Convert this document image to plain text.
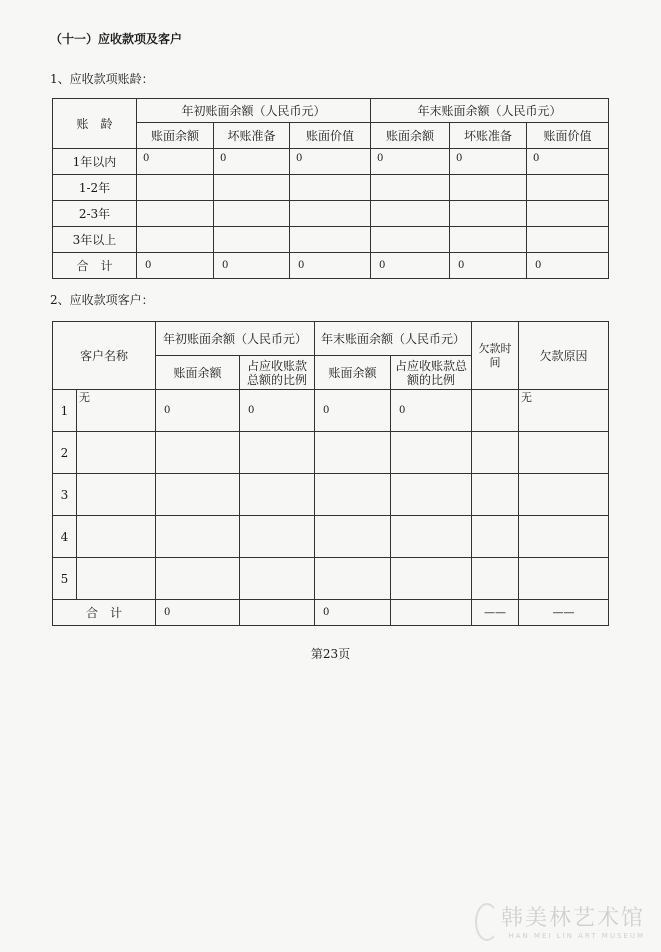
（十一）应收款项及客户
1、应收款项账龄：
账　龄	年初账面余额（人民币元）			年末账面余额（人民币元）		
	账面余额	坏账准备	账面价值	账面余额	坏账准备	账面价值
1年以内	0	0	0	0	0	0
1-2年						
2-3年						
3年以上						
合　计	0	0	0	0	0	0
2、应收款项客户：
客户名称		年初账面余额（人民币元）		年末账面余额（人民币元）		欠款时间	欠款原因
		账面余额	占应收账款总额的比例	账面余额	占应收账款总额的比例		
1	无	0	0	0	0		无
2							
3							
4							
5							
合　计		0		0		——	——
第23页
韩美林艺术馆
HAN MEI LIN ART MUSEUM
